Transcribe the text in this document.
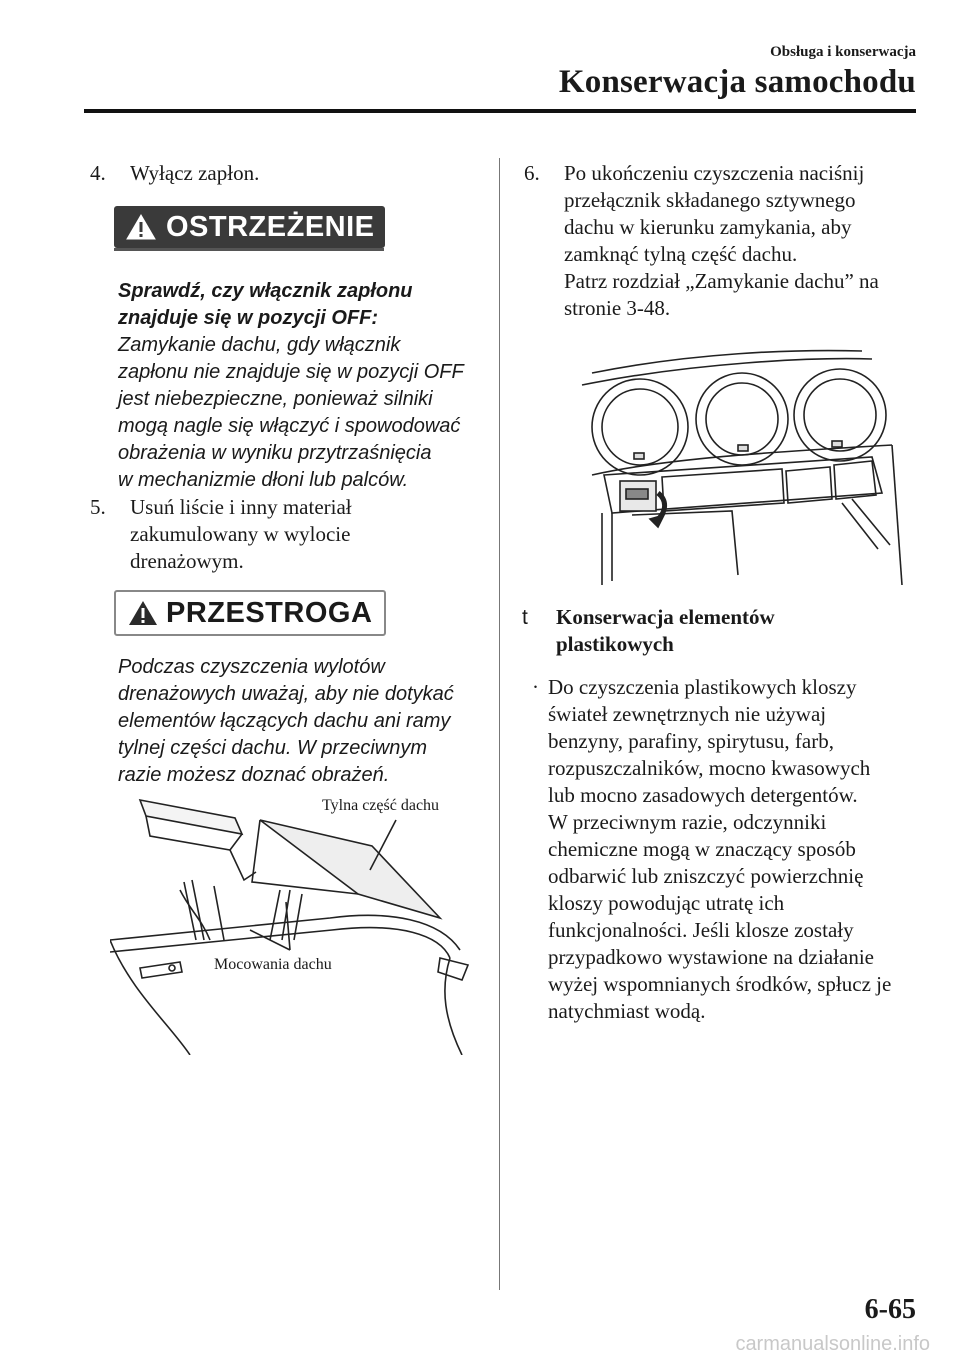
Obsługa i konserwacja
Konserwacja samochodu
4. Wyłącz zapłon.
OSTRZEŻENIE
Sprawdź, czy włącznik zapłonu
znajduje się w pozycji OFF:
Zamykanie dachu, gdy włącznik
zapłonu nie znajduje się w pozycji OFF
jest niebezpieczne, ponieważ silniki
mogą nagle się włączyć i spowodować
obrażenia w wyniku przytrzaśnięcia
w mechanizmie dłoni lub palców.
5. Usuń liście i inny materiał
zakumulowany w wylocie
drenażowym.
PRZESTROGA
Podczas czyszczenia wylotów
drenażowych uważaj, aby nie dotykać
elementów łączących dachu ani ramy
tylnej części dachu. W przeciwnym
razie możesz doznać obrażeń.
Tylna część dachu
Mocowania dachu
6. Po ukończeniu czyszczenia naciśnij
przełącznik składanego sztywnego
dachu w kierunku zamykania, aby
zamknąć tylną część dachu.
Patrz rozdział „Zamykanie dachu” na
stronie 3-48.
t Konserwacja elementów
plastikowych
· Do czyszczenia plastikowych kloszy
świateł zewnętrznych nie używaj
benzyny, parafiny, spirytusu, farb,
rozpuszczalników, mocno kwasowych
lub mocno zasadowych detergentów.
W przeciwnym razie, odczynniki
chemiczne mogą w znaczący sposób
odbarwić lub zniszczyć powierzchnię
kloszy powodując utratę ich
funkcjonalności. Jeśli klosze zostały
przypadkowo wystawione na działanie
wyżej wspomnianych środków, spłucz je
natychmiast wodą.
6-65
carmanualsonline.info
